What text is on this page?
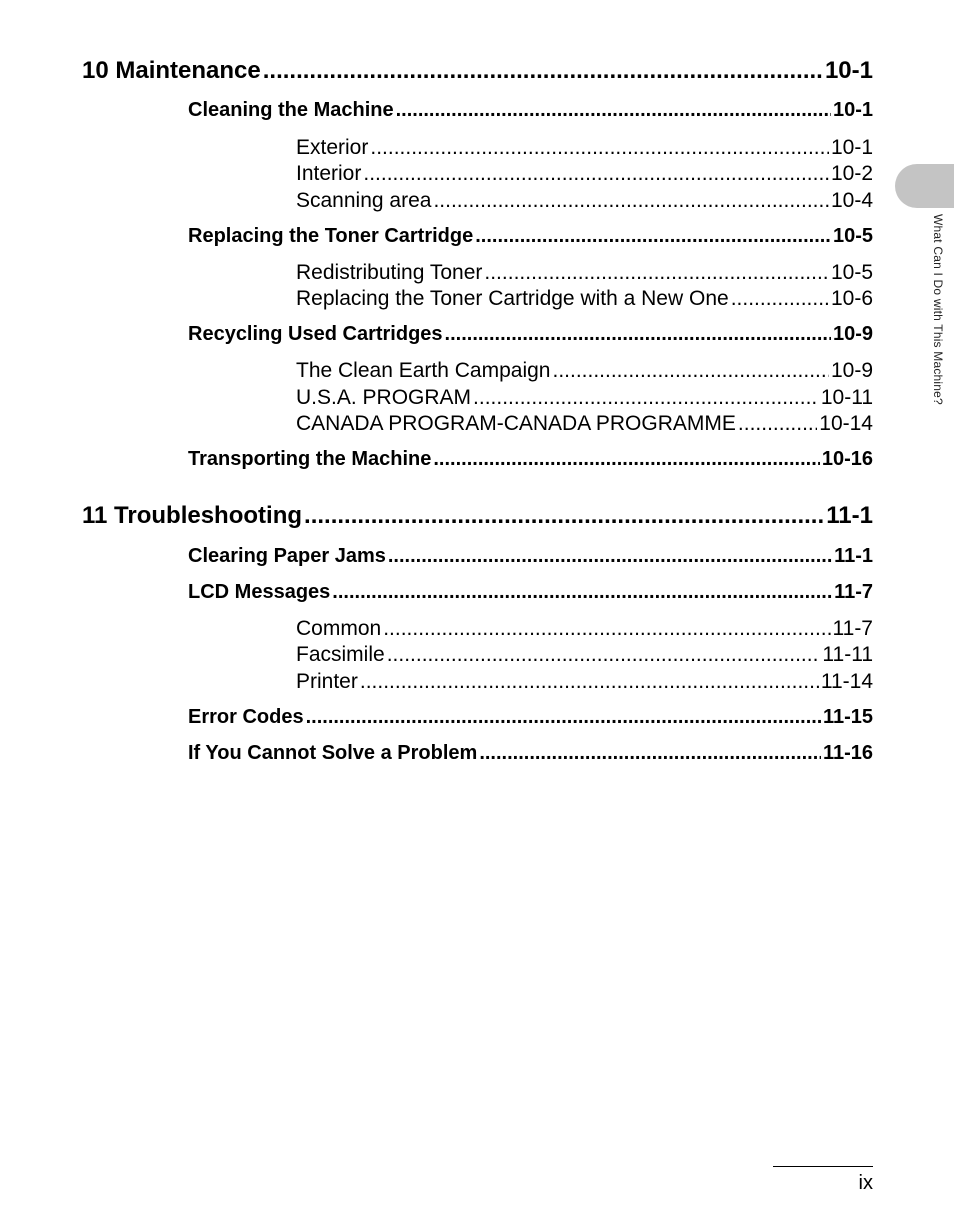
10 Maintenance .....	10-1
Cleaning the Machine .....	10-1
Exterior .....	10-1
Interior .....	10-2
Scanning area .....	10-4
Replacing the Toner Cartridge .....	10-5
Redistributing Toner .....	10-5
Replacing the Toner Cartridge with a New One .....	10-6
Recycling Used Cartridges .....	10-9
The Clean Earth Campaign .....	10-9
U.S.A. PROGRAM .....	10-11
CANADA PROGRAM-CANADA PROGRAMME .....	10-14
Transporting the Machine .....	10-16
11 Troubleshooting .....	11-1
Clearing Paper Jams .....	11-1
LCD Messages .....	11-7
Common .....	11-7
Facsimile .....	11-11
Printer .....	11-14
Error Codes .....	11-15
If You Cannot Solve a Problem .....	11-16
What Can I Do with This Machine?
ix
